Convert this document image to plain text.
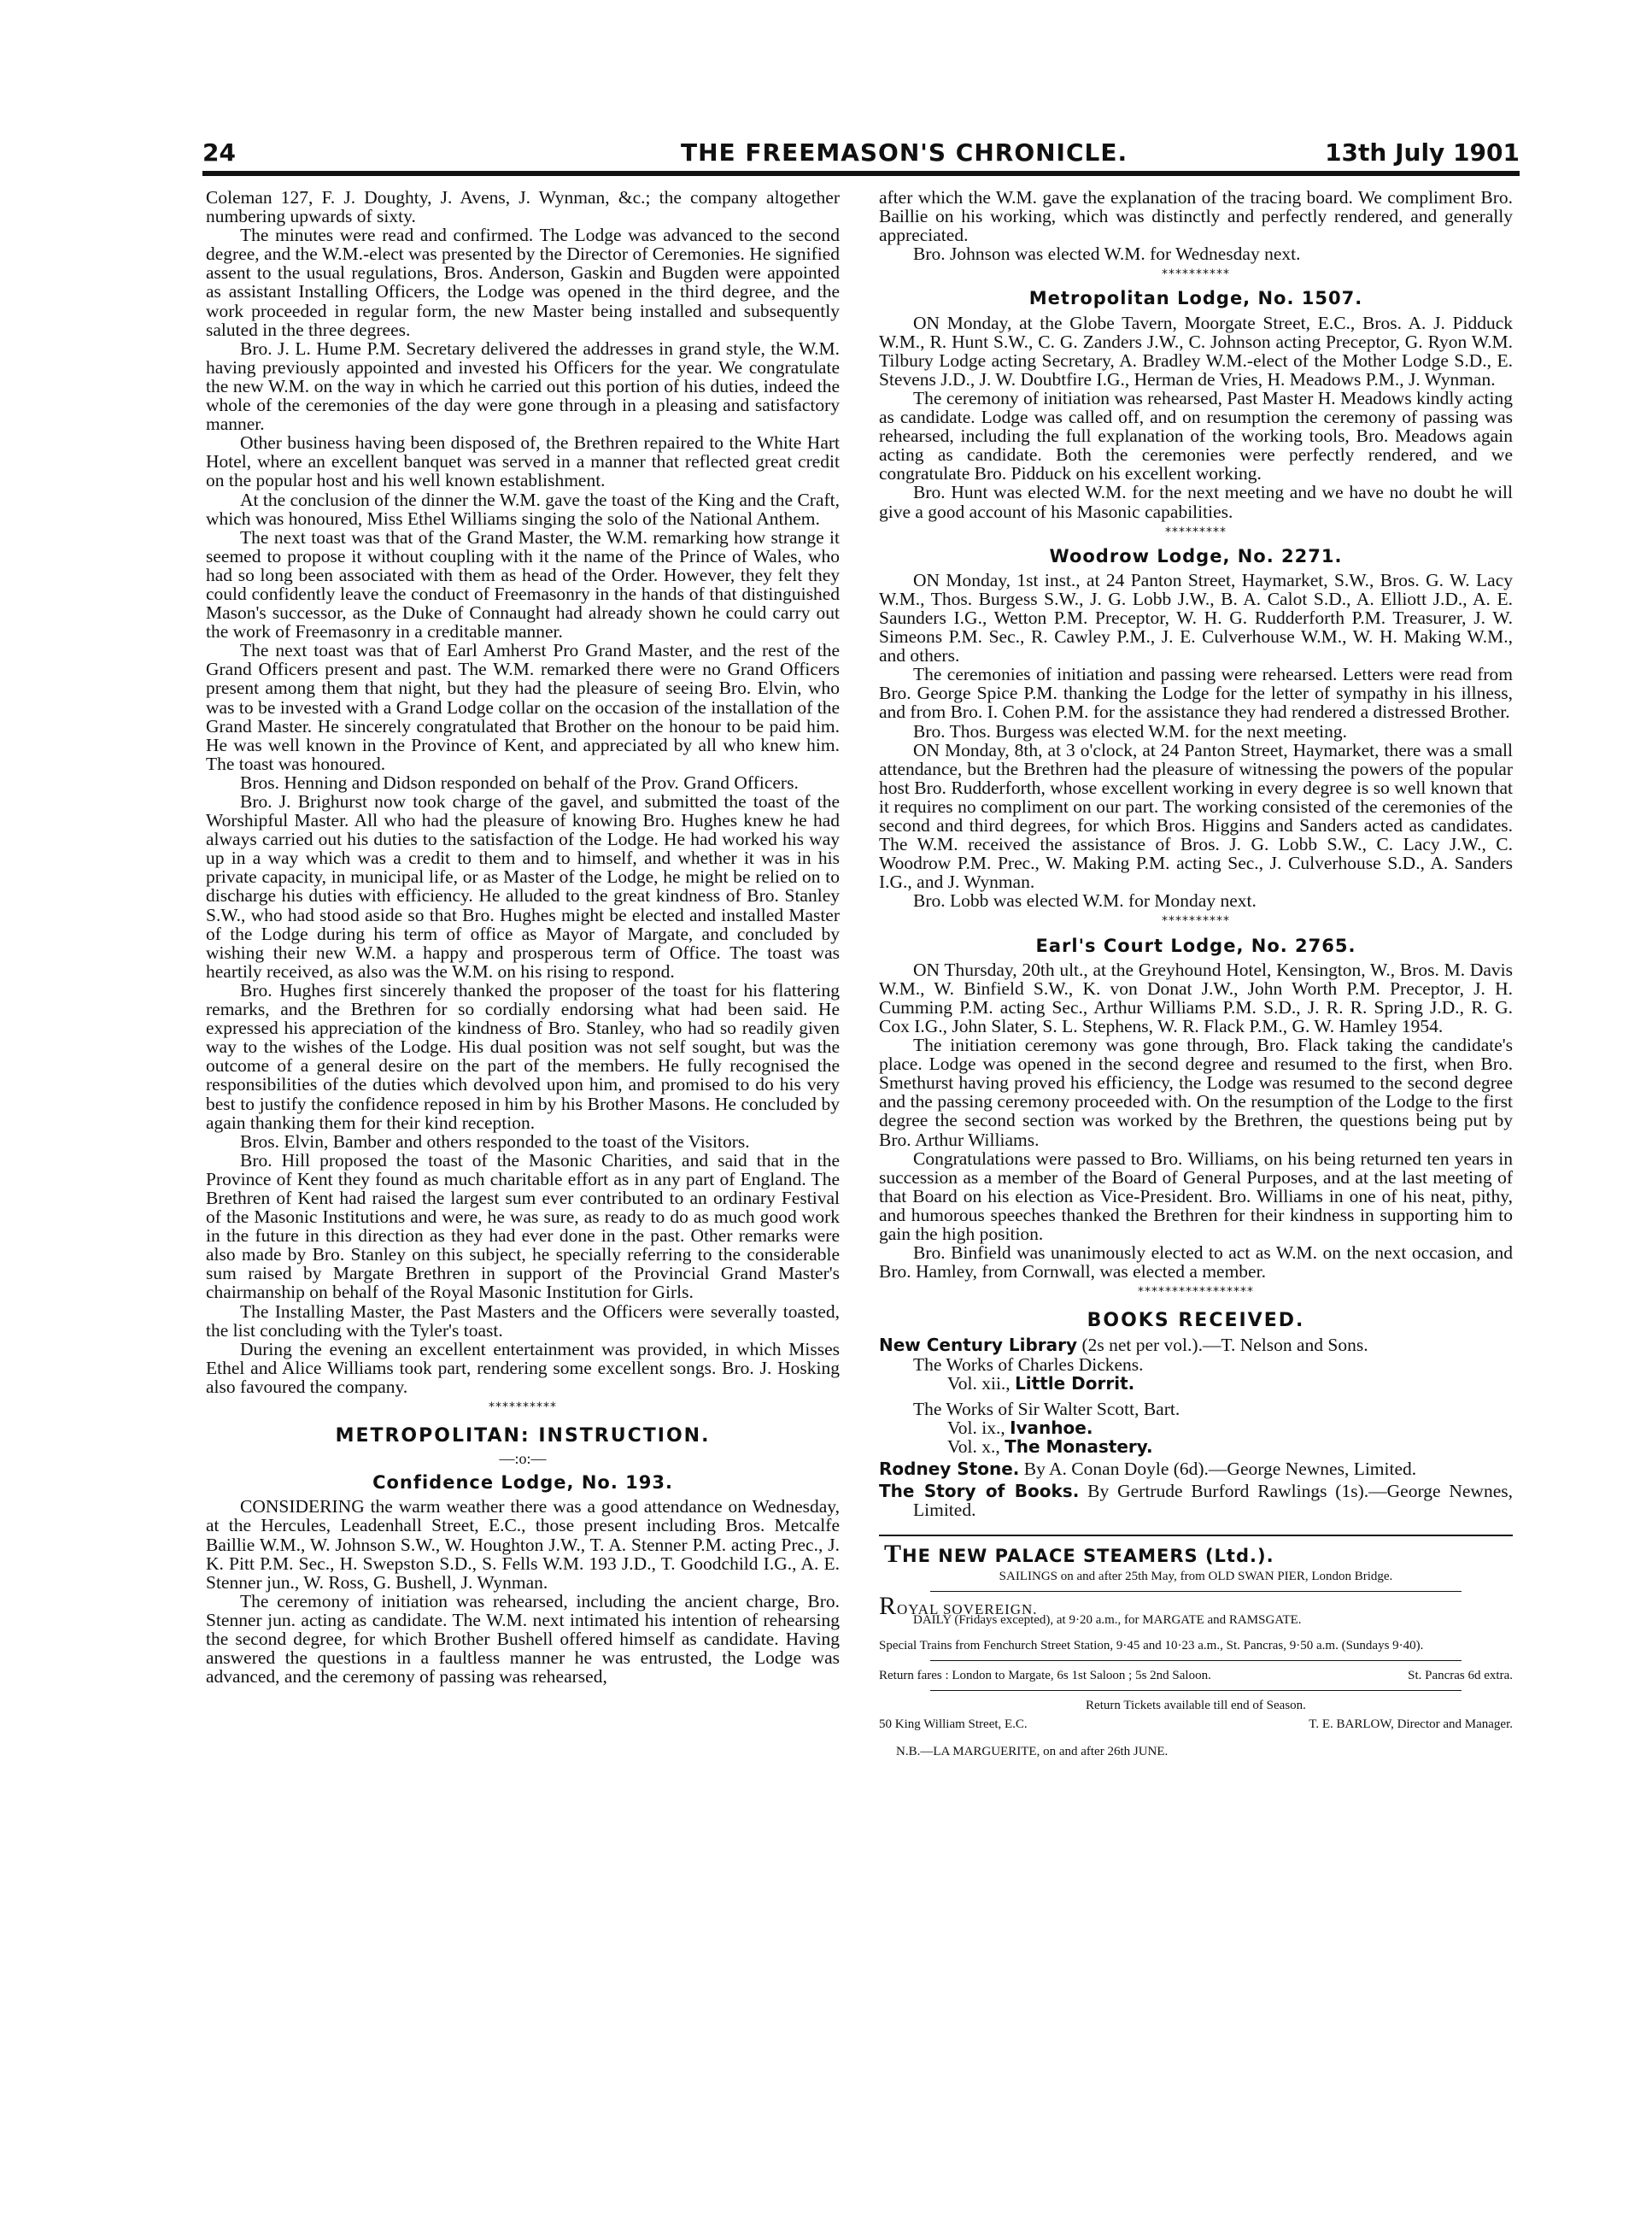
24	THE FREEMASON'S CHRONICLE.	13th July 1901

Coleman 127, F. J. Doughty, J. Avens, J. Wynman, &c.; the company altogether numbering upwards of sixty.

The minutes were read and confirmed. The Lodge was advanced to the second degree, and the W.M.-elect was presented by the Director of Ceremonies. He signified assent to the usual regulations, Bros. Anderson, Gaskin and Bugden were appointed as assistant Installing Officers, the Lodge was opened in the third degree, and the work proceeded in regular form, the new Master being installed and subsequently saluted in the three degrees.

Bro. J. L. Hume P.M. Secretary delivered the addresses in grand style, the W.M. having previously appointed and invested his Officers for the year. We congratulate the new W.M. on the way in which he carried out this portion of his duties, indeed the whole of the ceremonies of the day were gone through in a pleasing and satisfactory manner.

Other business having been disposed of, the Brethren repaired to the White Hart Hotel, where an excellent banquet was served in a manner that reflected great credit on the popular host and his well known establishment.

At the conclusion of the dinner the W.M. gave the toast of the King and the Craft, which was honoured, Miss Ethel Williams singing the solo of the National Anthem.

The next toast was that of the Grand Master, the W.M. remarking how strange it seemed to propose it without coupling with it the name of the Prince of Wales, who had so long been associated with them as head of the Order. However, they felt they could confidently leave the conduct of Freemasonry in the hands of that distinguished Mason's successor, as the Duke of Connaught had already shown he could carry out the work of Freemasonry in a creditable manner.

The next toast was that of Earl Amherst Pro Grand Master, and the rest of the Grand Officers present and past. The W.M. remarked there were no Grand Officers present among them that night, but they had the pleasure of seeing Bro. Elvin, who was to be invested with a Grand Lodge collar on the occasion of the installation of the Grand Master. He sincerely congratulated that Brother on the honour to be paid him. He was well known in the Province of Kent, and appreciated by all who knew him. The toast was honoured.

Bros. Henning and Didson responded on behalf of the Prov. Grand Officers.

Bro. J. Brighurst now took charge of the gavel, and submitted the toast of the Worshipful Master. All who had the pleasure of knowing Bro. Hughes knew he had always carried out his duties to the satisfaction of the Lodge. He had worked his way up in a way which was a credit to them and to himself, and whether it was in his private capacity, in municipal life, or as Master of the Lodge, he might be relied on to discharge his duties with efficiency. He alluded to the great kindness of Bro. Stanley S.W., who had stood aside so that Bro. Hughes might be elected and installed Master of the Lodge during his term of office as Mayor of Margate, and concluded by wishing their new W.M. a happy and prosperous term of Office. The toast was heartily received, as also was the W.M. on his rising to respond.

Bro. Hughes first sincerely thanked the proposer of the toast for his flattering remarks, and the Brethren for so cordially endorsing what had been said. He expressed his appreciation of the kindness of Bro. Stanley, who had so readily given way to the wishes of the Lodge. His dual position was not self sought, but was the outcome of a general desire on the part of the members. He fully recognised the responsibilities of the duties which devolved upon him, and promised to do his very best to justify the confidence reposed in him by his Brother Masons. He concluded by again thanking them for their kind reception.

Bros. Elvin, Bamber and others responded to the toast of the Visitors.

Bro. Hill proposed the toast of the Masonic Charities, and said that in the Province of Kent they found as much charitable effort as in any part of England. The Brethren of Kent had raised the largest sum ever contributed to an ordinary Festival of the Masonic Institutions and were, he was sure, as ready to do as much good work in the future in this direction as they had ever done in the past. Other remarks were also made by Bro. Stanley on this subject, he specially referring to the considerable sum raised by Margate Brethren in support of the Provincial Grand Master's chairmanship on behalf of the Royal Masonic Institution for Girls.

The Installing Master, the Past Masters and the Officers were severally toasted, the list concluding with the Tyler's toast.

During the evening an excellent entertainment was provided, in which Misses Ethel and Alice Williams took part, rendering some excellent songs. Bro. J. Hosking also favoured the company.

**********
METROPOLITAN: INSTRUCTION.
—:o:—
Confidence Lodge, No. 193.

CONSIDERING the warm weather there was a good attendance on Wednesday, at the Hercules, Leadenhall Street, E.C., those present including Bros. Metcalfe Baillie W.M., W. Johnson S.W., W. Houghton J.W., T. A. Stenner P.M. acting Prec., J. K. Pitt P.M. Sec., H. Swepston S.D., S. Fells W.M. 193 J.D., T. Goodchild I.G., A. E. Stenner jun., W. Ross, G. Bushell, J. Wynman.

The ceremony of initiation was rehearsed, including the ancient charge, Bro. Stenner jun. acting as candidate. The W.M. next intimated his intention of rehearsing the second degree, for which Brother Bushell offered himself as candidate. Having answered the questions in a faultless manner he was entrusted, the Lodge was advanced, and the ceremony of passing was rehearsed,

after which the W.M. gave the explanation of the tracing board. We compliment Bro. Baillie on his working, which was distinctly and perfectly rendered, and generally appreciated.

Bro. Johnson was elected W.M. for Wednesday next.

**********
Metropolitan Lodge, No. 1507.

ON Monday, at the Globe Tavern, Moorgate Street, E.C., Bros. A. J. Pidduck W.M., R. Hunt S.W., C. G. Zanders J.W., C. Johnson acting Preceptor, G. Ryon W.M. Tilbury Lodge acting Secretary, A. Bradley W.M.-elect of the Mother Lodge S.D., E. Stevens J.D., J. W. Doubtfire I.G., Herman de Vries, H. Meadows P.M., J. Wynman.

The ceremony of initiation was rehearsed, Past Master H. Meadows kindly acting as candidate. Lodge was called off, and on resumption the ceremony of passing was rehearsed, including the full explanation of the working tools, Bro. Meadows again acting as candidate. Both the ceremonies were perfectly rendered, and we congratulate Bro. Pidduck on his excellent working.

Bro. Hunt was elected W.M. for the next meeting and we have no doubt he will give a good account of his Masonic capabilities.

*********
Woodrow Lodge, No. 2271.

ON Monday, 1st inst., at 24 Panton Street, Haymarket, S.W., Bros. G. W. Lacy W.M., Thos. Burgess S.W., J. G. Lobb J.W., B. A. Calot S.D., A. Elliott J.D., A. E. Saunders I.G., Wetton P.M. Preceptor, W. H. G. Rudderforth P.M. Treasurer, J. W. Simeons P.M. Sec., R. Cawley P.M., J. E. Culverhouse W.M., W. H. Making W.M., and others.

The ceremonies of initiation and passing were rehearsed. Letters were read from Bro. George Spice P.M. thanking the Lodge for the letter of sympathy in his illness, and from Bro. I. Cohen P.M. for the assistance they had rendered a distressed Brother.

Bro. Thos. Burgess was elected W.M. for the next meeting.

ON Monday, 8th, at 3 o'clock, at 24 Panton Street, Haymarket, there was a small attendance, but the Brethren had the pleasure of witnessing the powers of the popular host Bro. Rudderforth, whose excellent working in every degree is so well known that it requires no compliment on our part. The working consisted of the ceremonies of the second and third degrees, for which Bros. Higgins and Sanders acted as candidates. The W.M. received the assistance of Bros. J. G. Lobb S.W., C. Lacy J.W., C. Woodrow P.M. Prec., W. Making P.M. acting Sec., J. Culverhouse S.D., A. Sanders I.G., and J. Wynman.

Bro. Lobb was elected W.M. for Monday next.

**********
Earl's Court Lodge, No. 2765.

ON Thursday, 20th ult., at the Greyhound Hotel, Kensington, W., Bros. M. Davis W.M., W. Binfield S.W., K. von Donat J.W., John Worth P.M. Preceptor, J. H. Cumming P.M. acting Sec., Arthur Williams P.M. S.D., J. R. R. Spring J.D., R. G. Cox I.G., John Slater, S. L. Stephens, W. R. Flack P.M., G. W. Hamley 1954.

The initiation ceremony was gone through, Bro. Flack taking the candidate's place. Lodge was opened in the second degree and resumed to the first, when Bro. Smethurst having proved his efficiency, the Lodge was resumed to the second degree and the passing ceremony proceeded with. On the resumption of the Lodge to the first degree the second section was worked by the Brethren, the questions being put by Bro. Arthur Williams.

Congratulations were passed to Bro. Williams, on his being returned ten years in succession as a member of the Board of General Purposes, and at the last meeting of that Board on his election as Vice-President. Bro. Williams in one of his neat, pithy, and humorous speeches thanked the Brethren for their kindness in supporting him to gain the high position.

Bro. Binfield was unanimously elected to act as W.M. on the next occasion, and Bro. Hamley, from Cornwall, was elected a member.

*****************
BOOKS RECEIVED.

New Century Library (2s net per vol.).—T. Nelson and Sons.

The Works of Charles Dickens.

Vol. xii., Little Dorrit.

The Works of Sir Walter Scott, Bart.

Vol. ix., Ivanhoe.

Vol. x., The Monastery.

Rodney Stone. By A. Conan Doyle (6d).—George Newnes, Limited.

The Story of Books. By Gertrude Burford Rawlings (1s).—George Newnes, Limited.

THE NEW PALACE STEAMERS (Ltd.).
SAILINGS on and after 25th May, from OLD SWAN PIER, London Bridge.
ROYAL SOVEREIGN.
DAILY (Fridays excepted), at 9·20 a.m., for MARGATE and RAMSGATE.
Special Trains from Fenchurch Street Station, 9·45 and 10·23 a.m., St. Pancras, 9·50 a.m. (Sundays 9·40).
Return fares : London to Margate, 6s 1st Saloon ; 5s 2nd Saloon.	St. Pancras 6d extra.
Return Tickets available till end of Season.
50 King William Street, E.C.	T. E. BARLOW, Director and Manager.
N.B.—LA MARGUERITE, on and after 26th JUNE.
